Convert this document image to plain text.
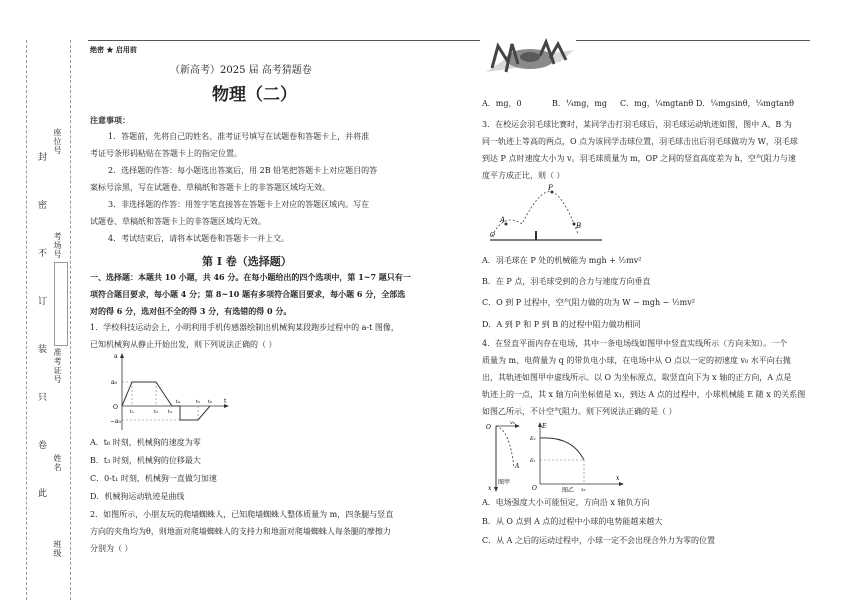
封
密
不
订
装
只
卷
此
座位号
考场号
准考证号
姓名
班级
绝密 ★ 启用前
（新高考）2025 届 高考猜题卷
物理（二）
注意事项：
1．答题前，先将自己的姓名、准考证号填写在试题卷和答题卡上，并将准
考证号条形码粘贴在答题卡上的指定位置。
2．选择题的作答：每小题选出答案后，用 2B 铅笔把答题卡上对应题目的答
案标号涂黑，写在试题卷、草稿纸和答题卡上的非答题区域均无效。
3．非选择题的作答：用签字笔直接答在答题卡上对应的答题区域内。写在
试题卷、草稿纸和答题卡上的非答题区域均无效。
4．考试结束后，请将本试题卷和答题卡一并上交。
第 I 卷（选择题）
一、选择题：本题共 10 小题，共 46 分。在每小题给出的四个选项中，第 1~7 题只有一
项符合题目要求，每小题 4 分；第 8~10 题有多项符合题目要求，每小题 6 分，全部选
对的得 6 分，选对但不全的得 3 分，有选错的得 0 分。
1．学校科技运动会上，小明利用手机传感器绘制出机械狗某段跑步过程中的 a-t 图像，
已知机械狗从静止开始出发，则下列说法正确的（ ）
a
a₀
O
−a₀
t
t₁	t₂ t₃
t₄	t₅ t₆
A．t₆ 时刻，机械狗的速度为零
B．t₃ 时刻，机械狗的位移最大
C．0-t₁ 时刻，机械狗一直做匀加速
D．机械狗运动轨迹是曲线
2．如图所示，小朋友玩的爬墙蜘蛛人，已知爬墙蜘蛛人整体质量为 m，四条腿与竖直
方向的夹角均为θ，则地面对爬墙蜘蛛人的支持力和地面对爬墙蜘蛛人每条腿的摩擦力
分别为（ ）
A．mg，0	B．¼mg，mg C．mg，¼mgtanθ D．¼mgsinθ，¼mgtanθ
3．在校运会羽毛球比赛时，某同学击打羽毛球后，羽毛球运动轨迹如图，图中 A、B 为
同一轨迹上等高的两点，O 点为该同学击球位置，羽毛球击出后羽毛球做功为 W，羽毛球
到达 P 点时速度大小为 v。羽毛球质量为 m，OP 之间的竖直高度差为 h，空气阻力与速
度平方成正比，则（ ）
P
A
B
O
A．羽毛球在 P 处的机械能为 mgh + ½mv²
B．在 P 点，羽毛球受到的合力与速度方向垂直
C．O 到 P 过程中，空气阻力做的功为 W − mgh − ½mv²
D．A 到 P 和 P 到 B 的过程中阻力做功相同
4．在竖直平面内存在电场，其中一条电场线如图甲中竖直实线所示（方向未知）。一个
质量为 m、电荷量为 q 的带负电小球，在电场中从 O 点以一定的初速度 v₀ 水平向右抛
出，其轨迹如图甲中虚线所示。以 O 为坐标原点，取竖直向下为 x 轴的正方向，A 点是
轨迹上的一点，其 x 轴方向坐标值是 x₁，到达 A 点的过程中，小球机械能 E 随 x 的关系图
如图乙所示，不计空气阻力。则下列说法正确的是（ ）
O
v₀
A
x
图甲
E
E₂
E₁
O	x₁
x
图乙
A．电场强度大小可能恒定，方向沿 x 轴负方向
B．从 O 点到 A 点的过程中小球的电势能越来越大
C．从 A 之后的运动过程中，小球一定不会出现合外力为零的位置
